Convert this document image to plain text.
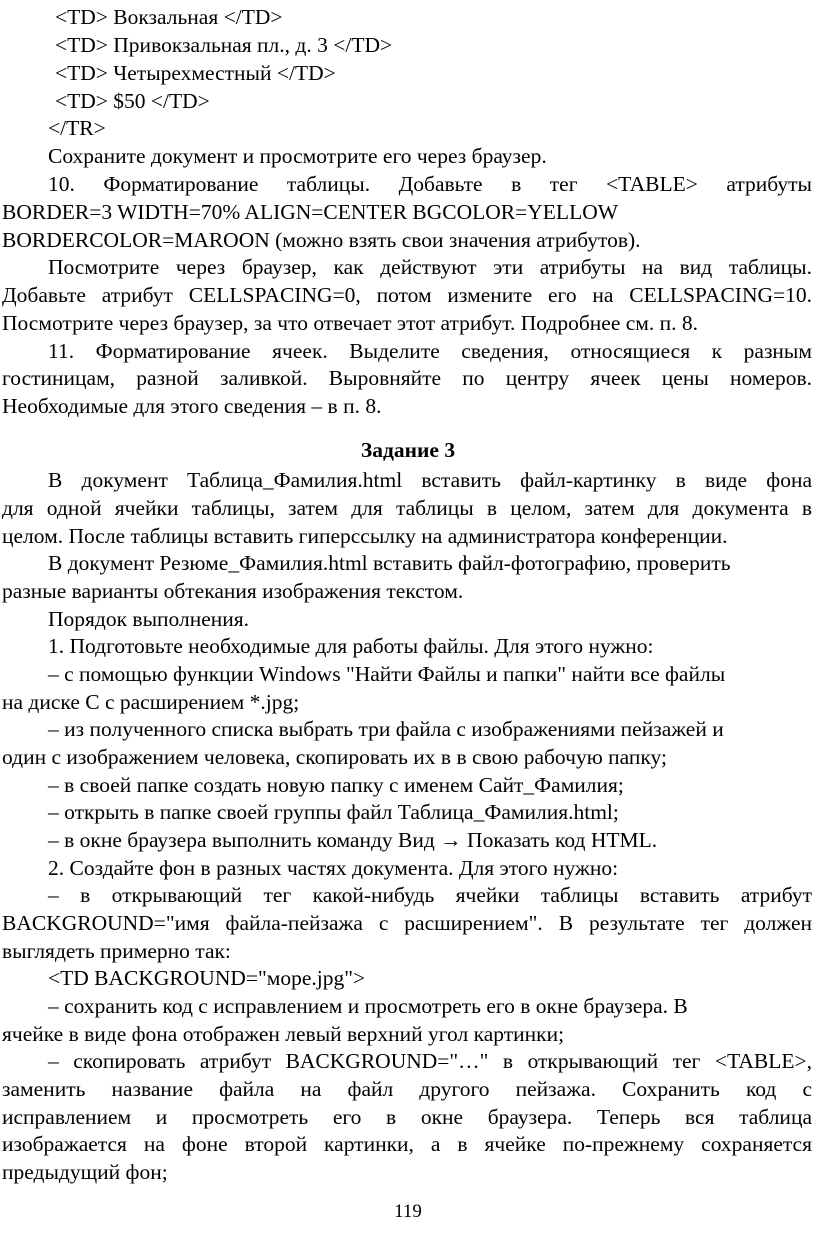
<TD> Вокзальная </TD>

<TD> Привокзальная пл., д. 3 </TD>

<TD> Четырехместный </TD>

<TD> $50 </TD>

</TR>

Сохраните документ и просмотрите его через браузер.

10. Форматирование таблицы. Добавьте в тег <TABLE> атрибуты

BORDER=3 WIDTH=70% ALIGN=CENTER BGCOLOR=YELLOW

BORDERCOLOR=MAROON (можно взять свои значения атрибутов).

Посмотрите через браузер, как действуют эти атрибуты на вид таблицы.

Добавьте атрибут CELLSPACING=0, потом измените его на CELLSPACING=10.

Посмотрите через браузер, за что отвечает этот атрибут. Подробнее см. п. 8.

11. Форматирование ячеек. Выделите сведения, относящиеся к разным

гостиницам, разной заливкой. Выровняйте по центру ячеек цены номеров.

Необходимые для этого сведения – в п. 8.

Задание 3

В документ Таблица_Фамилия.html вставить файл-картинку в виде фона

для одной ячейки таблицы, затем для таблицы в целом, затем для документа в

целом. После таблицы вставить гиперссылку на администратора конференции.

В документ Резюме_Фамилия.html вставить файл-фотографию, проверить

разные варианты обтекания изображения текстом.

Порядок выполнения.

1. Подготовьте необходимые для работы файлы. Для этого нужно:

– с помощью функции Windows "Найти Файлы и папки" найти все файлы

на диске С с расширением *.jpg;

– из полученного списка выбрать три файла с изображениями пейзажей и

один с изображением человека, скопировать их в в свою рабочую папку;

– в своей папке создать новую папку с именем Сайт_Фамилия;

– открыть в папке своей группы файл Таблица_Фамилия.html;

– в окне браузера выполнить команду Вид → Показать код HTML.

2. Создайте фон в разных частях документа. Для этого нужно:

– в открывающий тег какой-нибудь ячейки таблицы вставить атрибут

BACKGROUND="имя файла-пейзажа с расширением". В результате тег должен

выглядеть примерно так:

<TD BACKGROUND="море.jpg">

– сохранить код с исправлением и просмотреть его в окне браузера. В

ячейке в виде фона отображен левый верхний угол картинки;

– скопировать атрибут BACKGROUND="…" в открывающий тег <TABLE>,

заменить название файла на файл другого пейзажа. Сохранить код с

исправлением и просмотреть его в окне браузера. Теперь вся таблица

изображается на фоне второй картинки, а в ячейке по-прежнему сохраняется

предыдущий фон;

119
